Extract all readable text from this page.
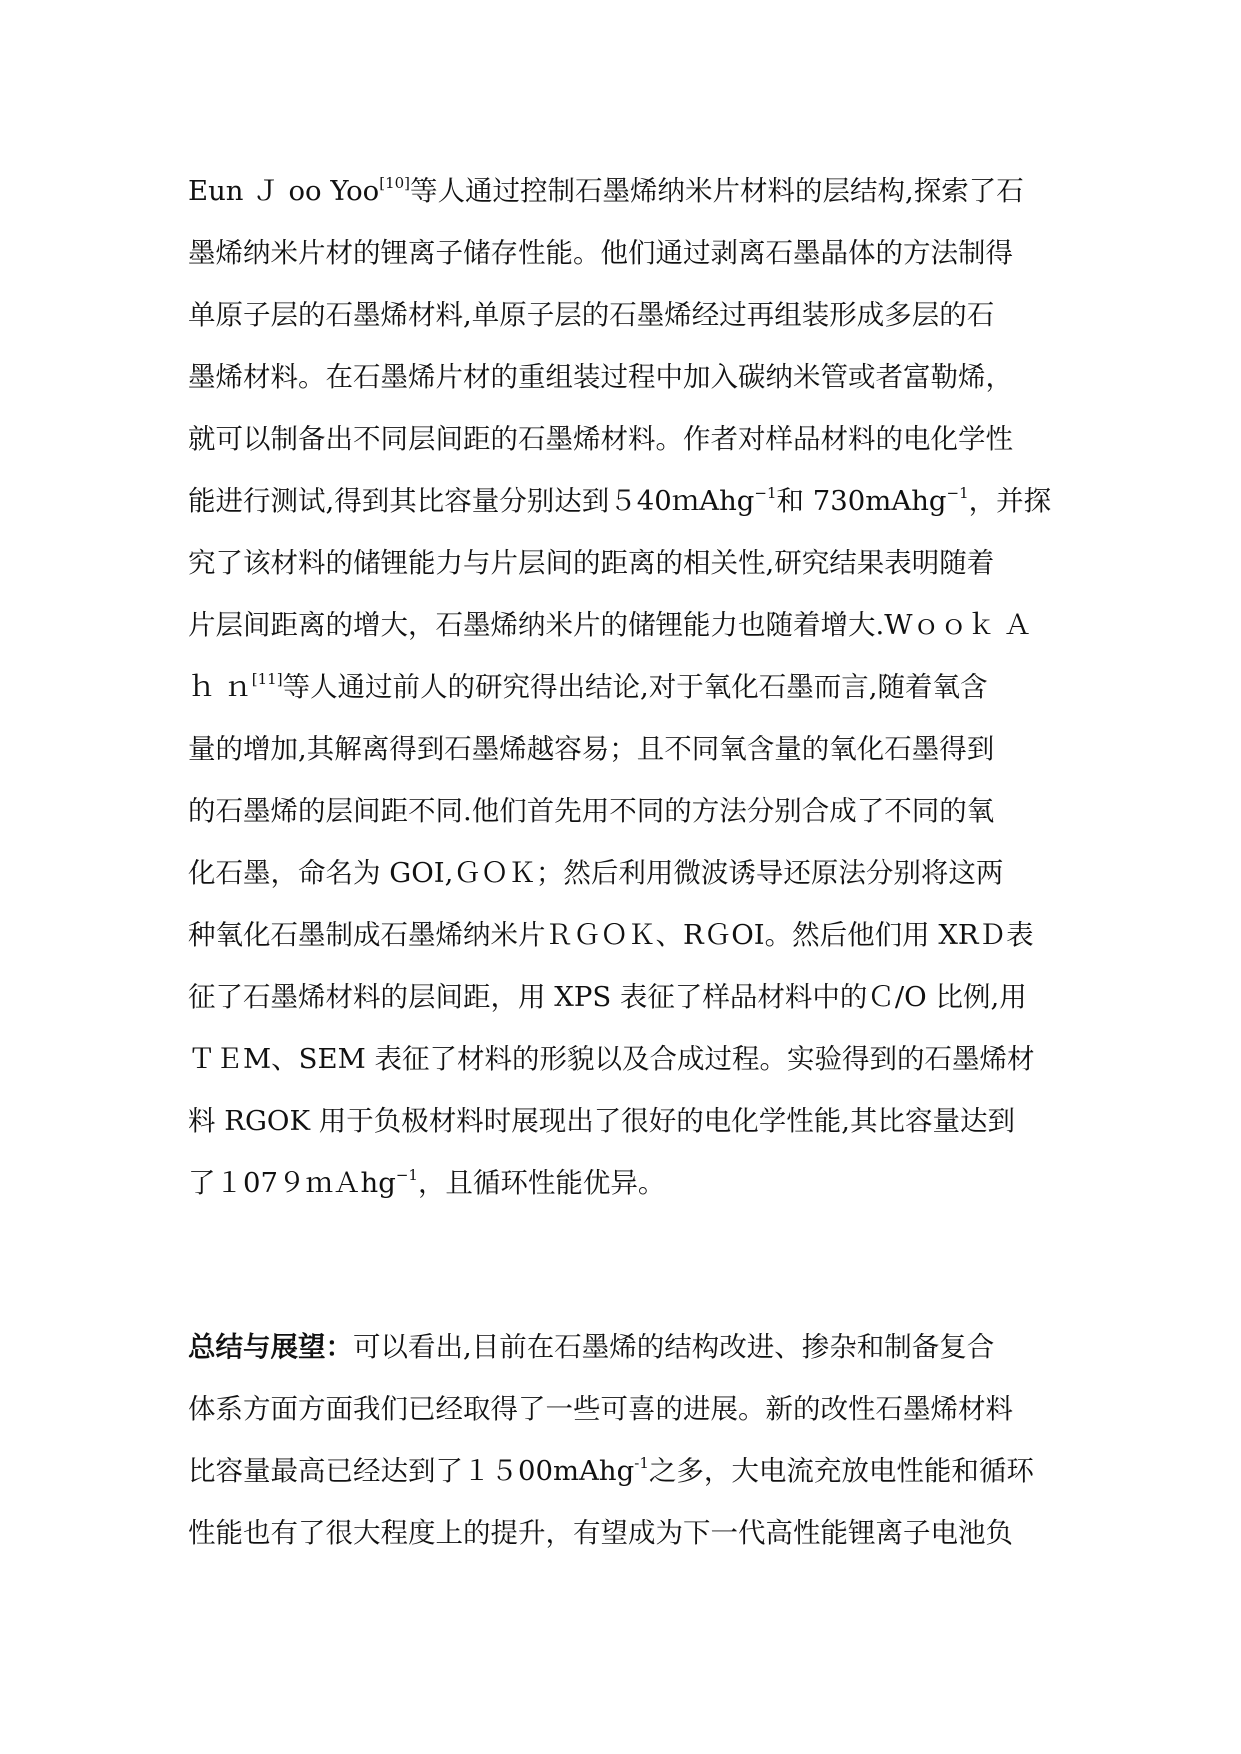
Eun Ｊ oo Yoo[10]等人通过控制石墨烯纳米片材料的层结构,探索了石
墨烯纳米片材的锂离子储存性能。他们通过剥离石墨晶体的方法制得
单原子层的石墨烯材料,单原子层的石墨烯经过再组装形成多层的石
墨烯材料。在石墨烯片材的重组装过程中加入碳纳米管或者富勒烯，
就可以制备出不同层间距的石墨烯材料。作者对样品材料的电化学性
能进行测试,得到其比容量分别达到５40ｍAhg$^{-1}$和 730mAhg$^{-1}$，并探
究了该材料的储锂能力与片层间的距离的相关性,研究结果表明随着
片层间距离的增大，石墨烯纳米片的储锂能力也随着增大.Wｏｏｋ Ａ
ｈ ｎ[11]等人通过前人的研究得出结论,对于氧化石墨而言,随着氧含
量的增加,其解离得到石墨烯越容易；且不同氧含量的氧化石墨得到
的石墨烯的层间距不同.他们首先用不同的方法分别合成了不同的氧
化石墨，命名为 GOI,ＧＯＫ；然后利用微波诱导还原法分别将这两
种氧化石墨制成石墨烯纳米片ＲＧＯＫ、RＧOI。然后他们用 XRＤ表
征了石墨烯材料的层间距，用 XPS 表征了样品材料中的Ｃ/O 比例,用
ＴＥM、SEM 表征了材料的形貌以及合成过程。实验得到的石墨烯材
料 RGOK 用于负极材料时展现出了很好的电化学性能,其比容量达到
了１07９ｍＡhg$^{-1}$，且循环性能优异。
总结与展望：可以看出,目前在石墨烯的结构改进、掺杂和制备复合
体系方面方面我们已经取得了一些可喜的进展。新的改性石墨烯材料
比容量最高已经达到了１５00mAhg$^{-1}$之多，大电流充放电性能和循环
性能也有了很大程度上的提升，有望成为下一代高性能锂离子电池负
